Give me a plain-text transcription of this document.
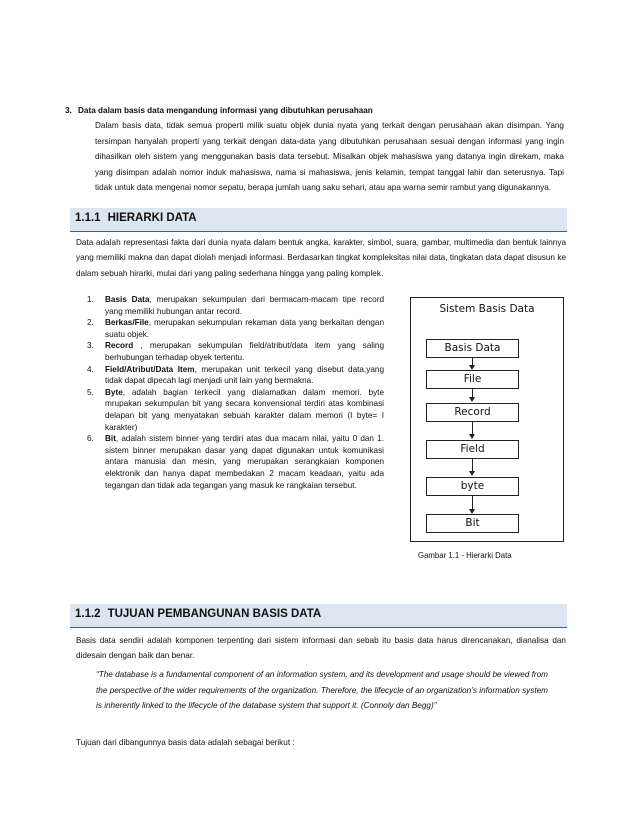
3. Data dalam basis data mengandung informasi yang dibutuhkan perusahaan
Dalam basis data, tidak semua properti milik suatu objek dunia nyata yang terkait dengan perusahaan akan disimpan. Yang tersimpan hanyalah properti yang terkait dengan data-data yang dibutuhkan perusahaan sesuai dengan informasi yang ingin dihasilkan oleh sistem yang menggunakan basis data tersebut. Misalkan objek mahasiswa yang datanya ingin direkam, maka yang disimpan adalah nomor induk mahasiswa, nama si mahasiswa, jenis kelamin, tempat tanggal lahir dan seterusnya. Tapi tidak untuk data mengenai nomor sepatu, berapa jumlah uang saku sehari, atau apa warna semir rambut yang digunakannya.
1.1.1 HIERARKI DATA
Data adalah representasi fakta dari dunia nyata dalam bentuk angka, karakter, simbol, suara, gambar, multimedia dan bentuk lainnya yang memiliki makna dan dapat diolah menjadi informasi. Berdasarkan tingkat kompleksitas nilai data, tingkatan data dapat disusun ke dalam sebuah hirarki, mulai dari yang paling sederhana hingga yang paling komplek.
1. Basis Data, merupakan sekumpulan dari bermacam-macam tipe record yang memiliki hubungan antar record.
2. Berkas/File, merupakan sekumpulan rekaman data yang berkaitan dengan suatu objek.
3. Record , merupakan sekumpulan field/atribut/data item yang saling berhubungan terhadap obyek tertentu.
4. Field/Atribut/Data Item, merupakan unit terkecil yang disebut data,yang tidak dapat dipecah lagi menjadi unit lain yang bermakna.
5. Byte, adalah bagian terkecil yang dialamatkan dalam memori. byte mrupakan sekumpulan bit yang secara konvensional terdiri atas kombinasi delapan bit yang menyatakan sebuah karakter dalam memori (I byte= I karakter)
6. Bit, adalah sistem binner yang terdiri atas dua macam nilai, yaitu 0 dan 1. sistem binner merupakan dasar yang dapat digunakan untuk komunikasi antara manusia dan mesin, yang merupakan serangkaian komponen elektronik dan hanya dapat membedakan 2 macam keadaan, yaitu ada tegangan dan tidak ada tegangan yang masuk ke rangkaian tersebut.
Sistem Basis Data
Basis Data
File
Record
Field
byte
Bit
Gambar 1.1 - Hierarki Data
1.1.2 TUJUAN PEMBANGUNAN BASIS DATA
Basis data sendiri adalah komponen terpenting dari sistem informasi dan sebab itu basis data harus direncanakan, dianalisa dan didesain dengan baik dan benar.
“The database is a fundamental component of an information system, and its development and usage should be viewed from the perspective of the wider requirements of the organization. Therefore, the lifecycle of an organization’s information system is inherently linked to the lifecycle of the database system that support it. (Connoly dan Begg)”
Tujuan dari dibangunnya basis data adalah sebagai berikut :
